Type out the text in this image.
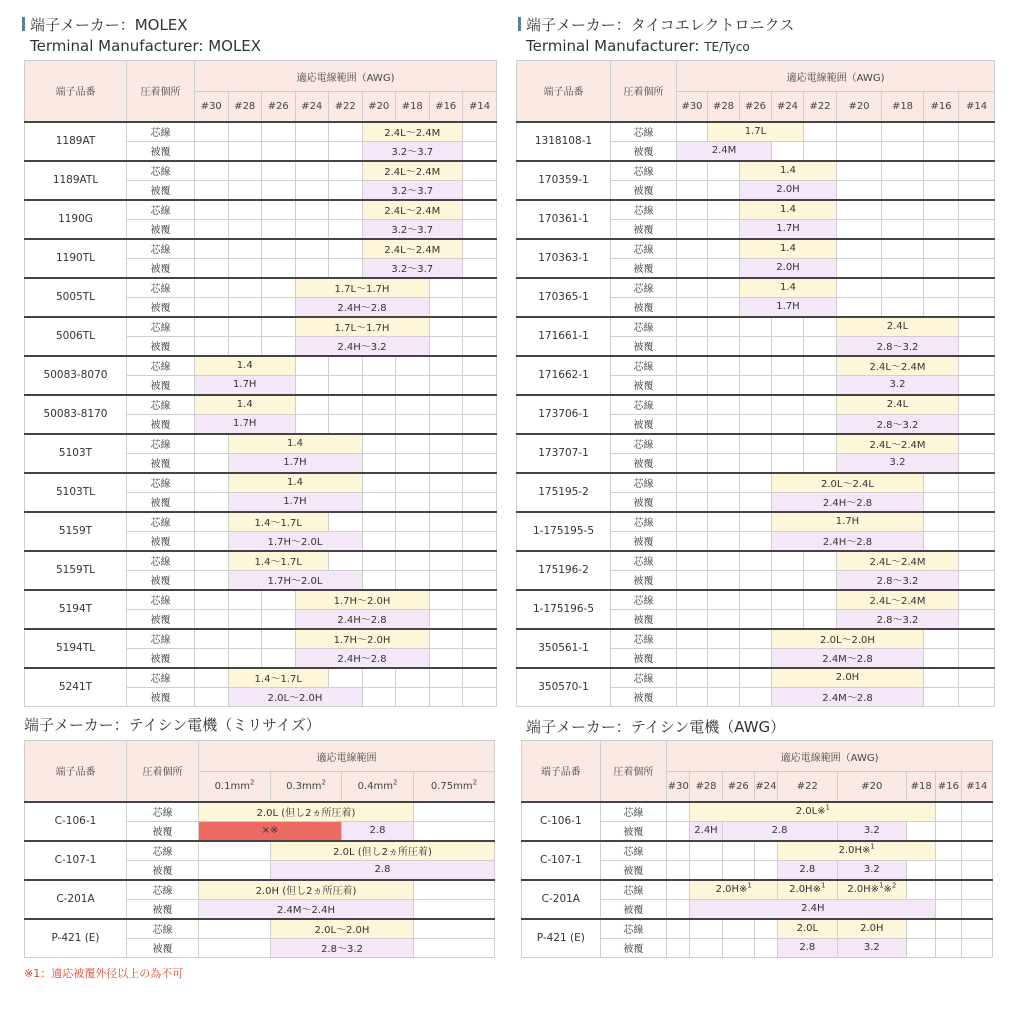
端子メーカー：MOLEX
Terminal Manufacturer: MOLEX
端子品番	圧着個所	適応電線範囲（AWG)								
		#30	#28	#26	#24	#22	#20	#18	#16	#14
1189AT	芯線						2.4L～2.4M			
	被覆						3.2～3.7			
1189ATL	芯線						2.4L～2.4M			
	被覆						3.2～3.7			
1190G	芯線						2.4L～2.4M			
	被覆						3.2～3.7			
1190TL	芯線						2.4L～2.4M			
	被覆						3.2～3.7			
5005TL	芯線				1.7L～1.7H					
	被覆				2.4H～2.8					
5006TL	芯線				1.7L～1.7H					
	被覆				2.4H～3.2					
50083-8070	芯線	1.4								
	被覆	1.7H								
50083-8170	芯線	1.4								
	被覆	1.7H								
5103T	芯線		1.4							
	被覆		1.7H							
5103TL	芯線		1.4							
	被覆		1.7H							
5159T	芯線		1.4～1.7L							
	被覆		1.7H～2.0L							
5159TL	芯線		1.4～1.7L							
	被覆		1.7H～2.0L							
5194T	芯線				1.7H～2.0H					
	被覆				2.4H～2.8					
5194TL	芯線				1.7H～2.0H					
	被覆				2.4H～2.8					
5241T	芯線		1.4～1.7L							
	被覆		2.0L～2.0H							
端子メーカー：タイコエレクトロニクス
Terminal Manufacturer: TE/Tyco
端子品番	圧着個所	適応電線範囲（AWG)								
		#30	#28	#26	#24	#22	#20	#18	#16	#14
1318108-1	芯線		1.7L							
	被覆	2.4M								
170359-1	芯線			1.4						
	被覆			2.0H						
170361-1	芯線			1.4						
	被覆			1.7H						
170363-1	芯線			1.4						
	被覆			2.0H						
170365-1	芯線			1.4						
	被覆			1.7H						
171661-1	芯線						2.4L			
	被覆						2.8～3.2			
171662-1	芯線						2.4L～2.4M			
	被覆						3.2			
173706-1	芯線						2.4L			
	被覆						2.8～3.2			
173707-1	芯線						2.4L～2.4M			
	被覆						3.2			
175195-2	芯線				2.0L～2.4L					
	被覆				2.4H～2.8					
1-175195-5	芯線				1.7H					
	被覆				2.4H～2.8					
175196-2	芯線						2.4L～2.4M			
	被覆						2.8～3.2			
1-175196-5	芯線						2.4L～2.4M			
	被覆						2.8～3.2			
350561-1	芯線				2.0L～2.0H					
	被覆				2.4M～2.8					
350570-1	芯線				2.0H					
	被覆				2.4M～2.8					
端子メーカー：テイシン電機（ミリサイズ）
端子品番	圧着個所	適応電線範囲			
		$0.1mm^2$	$0.3mm^2$	$0.4mm^2$	$0.75mm^2$
C-106-1	芯線	2.0L (但し2ヵ所圧着)			
	被覆	×※		2.8	
C-107-1	芯線		2.0L (但し2ヵ所圧着)		
	被覆		2.8		
C-201A	芯線	2.0H (但し2ヵ所圧着)			
	被覆	2.4M～2.4H			
P-421 (E)	芯線		2.0L～2.0H		
	被覆		2.8～3.2		
端子メーカー：テイシン電機（AWG）
端子品番	圧着個所	適応電線範囲（AWG)								
		#30	#28	#26	#24	#22	#20	#18	#16	#14
C-106-1	芯線		2.0L※$^1$		
	被覆		2.4H	2.8			3.2			
C-107-1	芯線					2.0H※$^1$		
	被覆					2.8	3.2			
C-201A	芯線		2.0H※$^1$			2.0H※$^1$	2.0H※$^1$※$^2$			
	被覆		2.4H							
P-421 (E)	芯線					2.0L	2.0H			
	被覆					2.8	3.2			
※1：適応被覆外径以上の為不可
